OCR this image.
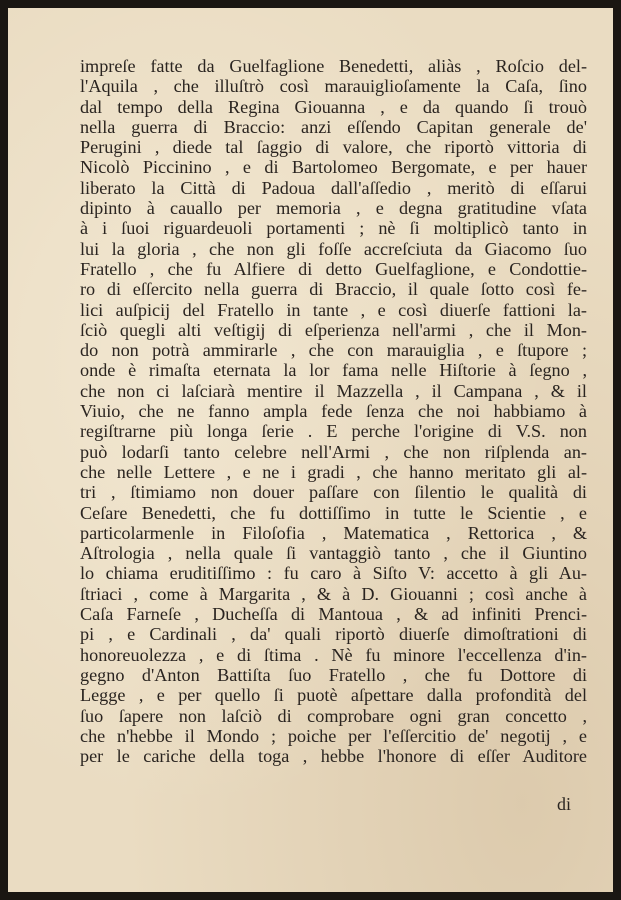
impreſe fatte da Guelfaglione Benedetti, aliàs , Roſcio del-
l'Aquila , che illuſtrò così marauiglioſamente la Caſa, ſino
dal tempo della Regina Giouanna , e da quando ſi trouò
nella guerra di Braccio: anzi eſſendo Capitan generale de'
Perugini , diede tal ſaggio di valore, che riportò vittoria di
Nicolò Piccinino , e di Bartolomeo Bergomate, e per hauer
liberato la Città di Padoua dall'aſſedio , meritò di eſſarui
dipinto à cauallo per memoria , e degna gratitudine vſata
à i ſuoi riguardeuoli portamenti ; nè ſi moltiplicò tanto in
lui la gloria , che non gli foſſe accreſciuta da Giacomo ſuo
Fratello , che fu Alfiere di detto Guelfaglione, e Condottie-
ro di eſſercito nella guerra di Braccio, il quale ſotto così fe-
lici auſpicij del Fratello in tante , e così diuerſe fattioni la-
ſciò quegli alti veſtigij di eſperienza nell'armi , che il Mon-
do non potrà ammirarle , che con marauiglia , e ſtupore ;
onde è rimaſta eternata la lor fama nelle Hiſtorie à ſegno ,
che non ci laſciarà mentire il Mazzella , il Campana , & il
Viuio, che ne fanno ampla fede ſenza che noi habbiamo à
regiſtrarne più longa ſerie . E perche l'origine di V.S. non
può lodarſi tanto celebre nell'Armi , che non riſplenda an-
che nelle Lettere , e ne i gradi , che hanno meritato gli al-
tri , ſtimiamo non douer paſſare con ſilentio le qualità di
Ceſare Benedetti, che fu dottiſſimo in tutte le Scientie , e
particolarmenle in Filoſofia , Matematica , Rettorica , &
Aſtrologia , nella quale ſi vantaggiò tanto , che il Giuntino
lo chiama eruditiſſimo : fu caro à Siſto V: accetto à gli Au-
ſtriaci , come à Margarita , & à D. Giouanni ; così anche à
Caſa Farneſe , Ducheſſa di Mantoua , & ad infiniti Prenci-
pi , e Cardinali , da' quali riportò diuerſe dimoſtrationi di
honoreuolezza , e di ſtima . Nè fu minore l'eccellenza d'in-
gegno d'Anton Battiſta ſuo Fratello , che fu Dottore di
Legge , e per quello ſi puotè aſpettare dalla profondità del
ſuo ſapere non laſciò di comprobare ogni gran concetto ,
che n'hebbe il Mondo ; poiche per l'eſſercitio de' negotij , e
per le cariche della toga , hebbe l'honore di eſſer Auditore
di
